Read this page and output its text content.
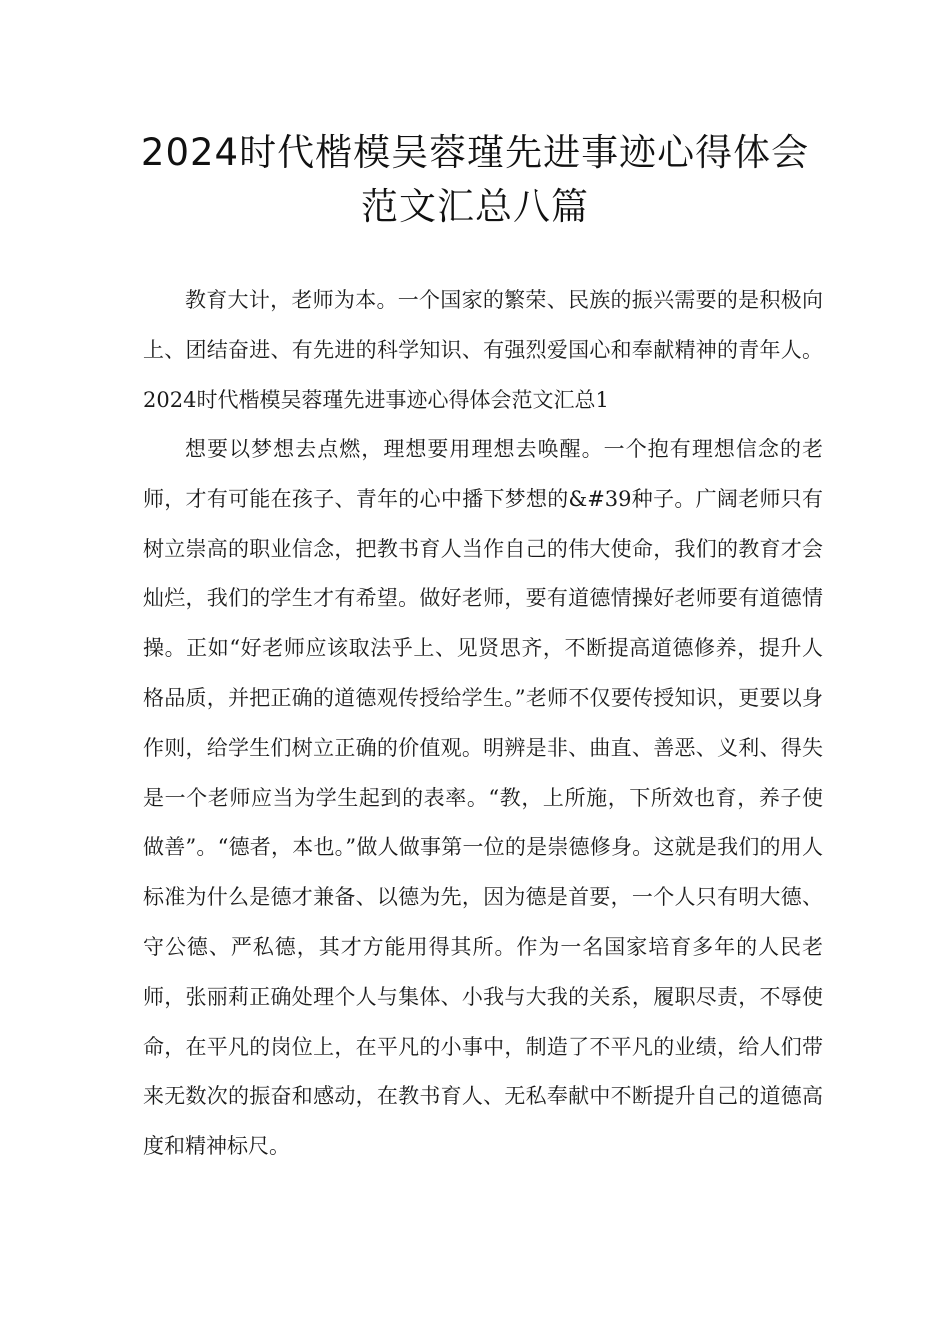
2024时代楷模吴蓉瑾先进事迹心得体会
范文汇总八篇

教育大计，老师为本。一个国家的繁荣、民族的振兴需要的是积极向上、团结奋进、有先进的科学知识、有强烈爱国心和奉献精神的青年人。2024时代楷模吴蓉瑾先进事迹心得体会范文汇总1

想要以梦想去点燃，理想要用理想去唤醒。一个抱有理想信念的老师，才有可能在孩子、青年的心中播下梦想的&#39种子。广阔老师只有树立崇高的职业信念，把教书育人当作自己的伟大使命，我们的教育才会灿烂，我们的学生才有希望。做好老师，要有道德情操好老师要有道德情操。正如“好老师应该取法乎上、见贤思齐，不断提高道德修养，提升人格品质，并把正确的道德观传授给学生。”老师不仅要传授知识，更要以身作则，给学生们树立正确的价值观。明辨是非、曲直、善恶、义利、得失是一个老师应当为学生起到的表率。“教，上所施，下所效也育，养子使做善”。“德者，本也。”做人做事第一位的是崇德修身。这就是我们的用人标准为什么是德才兼备、以德为先，因为德是首要，一个人只有明大德、守公德、严私德，其才方能用得其所。作为一名国家培育多年的人民老师，张丽莉正确处理个人与集体、小我与大我的关系，履职尽责，不辱使命，在平凡的岗位上，在平凡的小事中，制造了不平凡的业绩，给人们带来无数次的振奋和感动，在教书育人、无私奉献中不断提升自己的道德高度和精神标尺。
